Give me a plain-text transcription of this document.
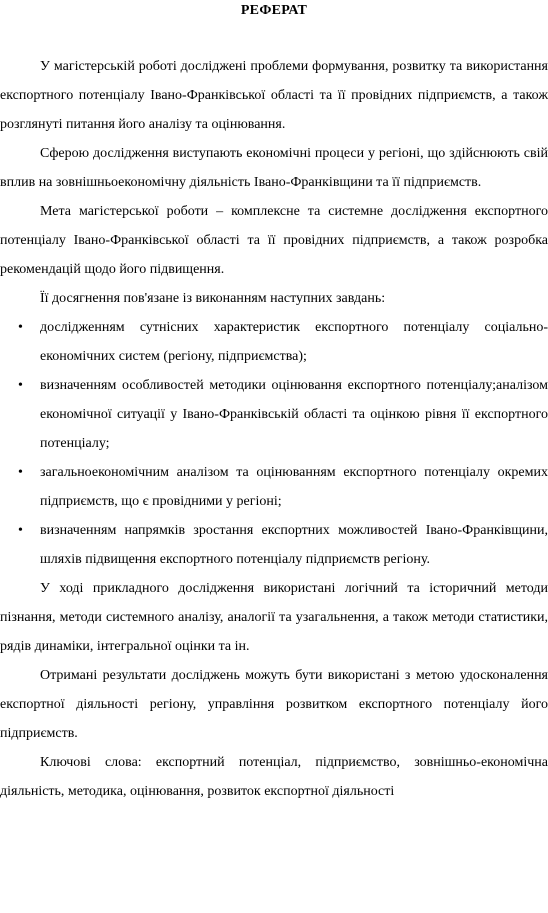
РЕФЕРАТ

У магістерській роботі досліджені проблеми формування, розвитку та використання експортного потенціалу Івано-Франківської області та її провідних підприємств, а також розглянуті питання його аналізу та оцінювання.

Сферою дослідження виступають економічні процеси у регіоні, що здійснюють свій вплив на зовнішньоекономічну діяльність Івано-Франківщини та її підприємств.

Мета магістерської роботи – комплексне та системне дослідження експортного потенціалу Івано-Франківської області та її провідних підприємств, а також розробка рекомендацій щодо його підвищення.

Її досягнення пов'язане із виконанням наступних завдань:

• дослідженням сутнісних характеристик експортного потенціалу соціально-економічних систем (регіону, підприємства);
• визначенням особливостей методики оцінювання експортного потенціалу;аналізом економічної ситуації у Івано-Франківській області та оцінкою рівня її експортного потенціалу;
• загальноекономічним аналізом та оцінюванням експортного потенціалу окремих підприємств, що є провідними у регіоні;
• визначенням напрямків зростання експортних можливостей Івано-Франківщини, шляхів підвищення експортного потенціалу підприємств регіону.

У ході прикладного дослідження використані логічний та історичний методи пізнання, методи системного аналізу, аналогії та узагальнення, а також методи статистики, рядів динаміки, інтегральної оцінки та ін.

Отримані результати досліджень можуть бути використані з метою удосконалення експортної діяльності регіону, управління розвитком експортного потенціалу його підприємств.

Ключові слова: експортний потенціал, підприємство, зовнішньо-економічна діяльність, методика, оцінювання, розвиток експортної діяльності
